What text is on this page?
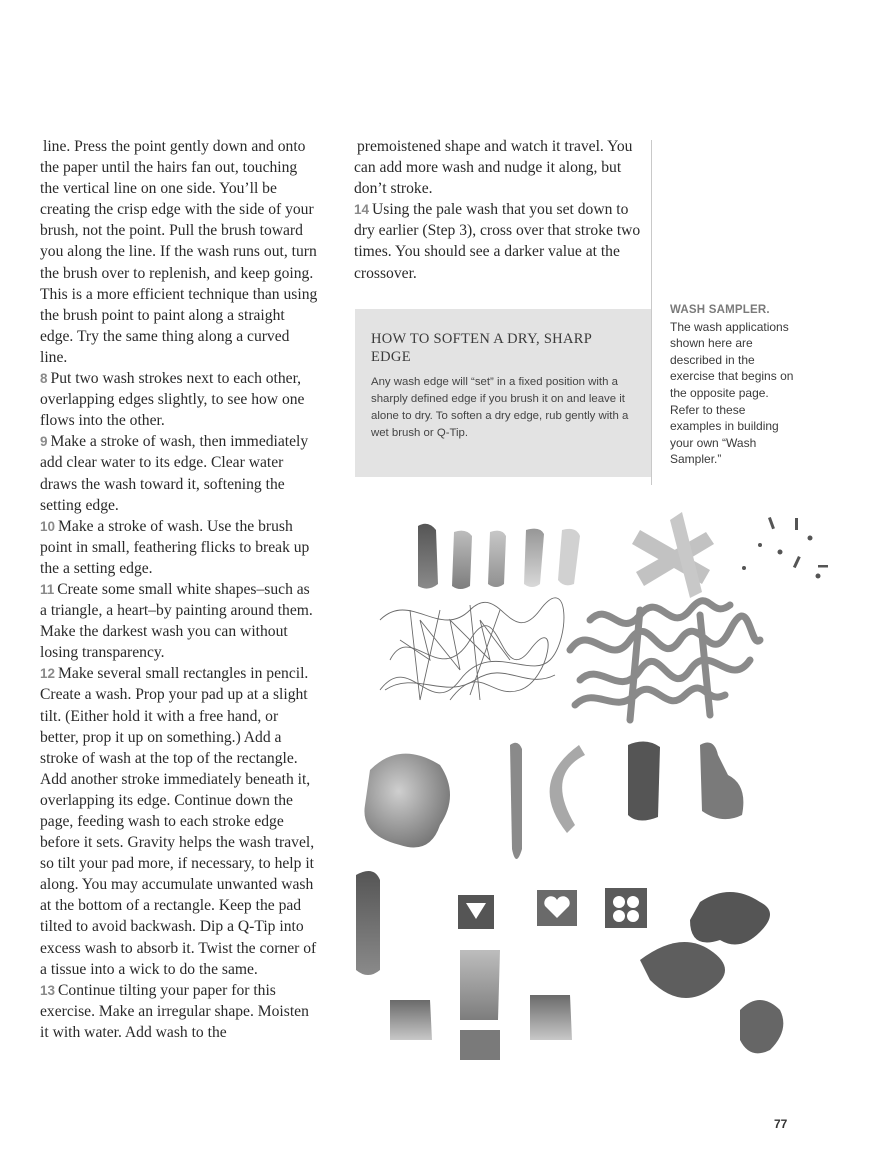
line. Press the point gently down and onto the paper until the hairs fan out, touching the vertical line on one side. You’ll be creating the crisp edge with the side of your brush, not the point. Pull the brush toward you along the line. If the wash runs out, turn the brush over to replenish, and keep going. This is a more efficient technique than using the brush point to paint along a straight edge. Try the same thing along a curved line.

8 Put two wash strokes next to each other, overlapping edges slightly, to see how one flows into the other.

9 Make a stroke of wash, then immediately add clear water to its edge. Clear water draws the wash toward it, softening the setting edge.

10 Make a stroke of wash. Use the brush point in small, feathering flicks to break up the a setting edge.

11 Create some small white shapes–such as a triangle, a heart–by painting around them. Make the darkest wash you can without losing transparency.

12 Make several small rectangles in pencil. Create a wash. Prop your pad up at a slight tilt. (Either hold it with a free hand, or better, prop it up on something.) Add a stroke of wash at the top of the rectangle. Add another stroke immediately beneath it, overlapping its edge. Continue down the page, feeding wash to each stroke edge before it sets. Gravity helps the wash travel, so tilt your pad more, if necessary, to help it along. You may accumulate unwanted wash at the bottom of a rectangle. Keep the pad tilted to avoid backwash. Dip a Q-Tip into excess wash to absorb it. Twist the corner of a tissue into a wick to do the same.

13 Continue tilting your paper for this exercise. Make an irregular shape. Moisten it with water. Add wash to the

premoistened shape and watch it travel. You can add more wash and nudge it along, but don’t stroke.

14 Using the pale wash that you set down to dry earlier (Step 3), cross over that stroke two times. You should see a darker value at the crossover.

HOW TO SOFTEN A DRY, SHARP EDGE

Any wash edge will “set” in a fixed position with a sharply defined edge if you brush it on and leave it alone to dry. To soften a dry edge, rub gently with a wet brush or Q-Tip.

WASH SAMPLER.
The wash applications shown here are described in the exercise that begins on the opposite page. Refer to these examples in building your own “Wash Sampler.”
77
